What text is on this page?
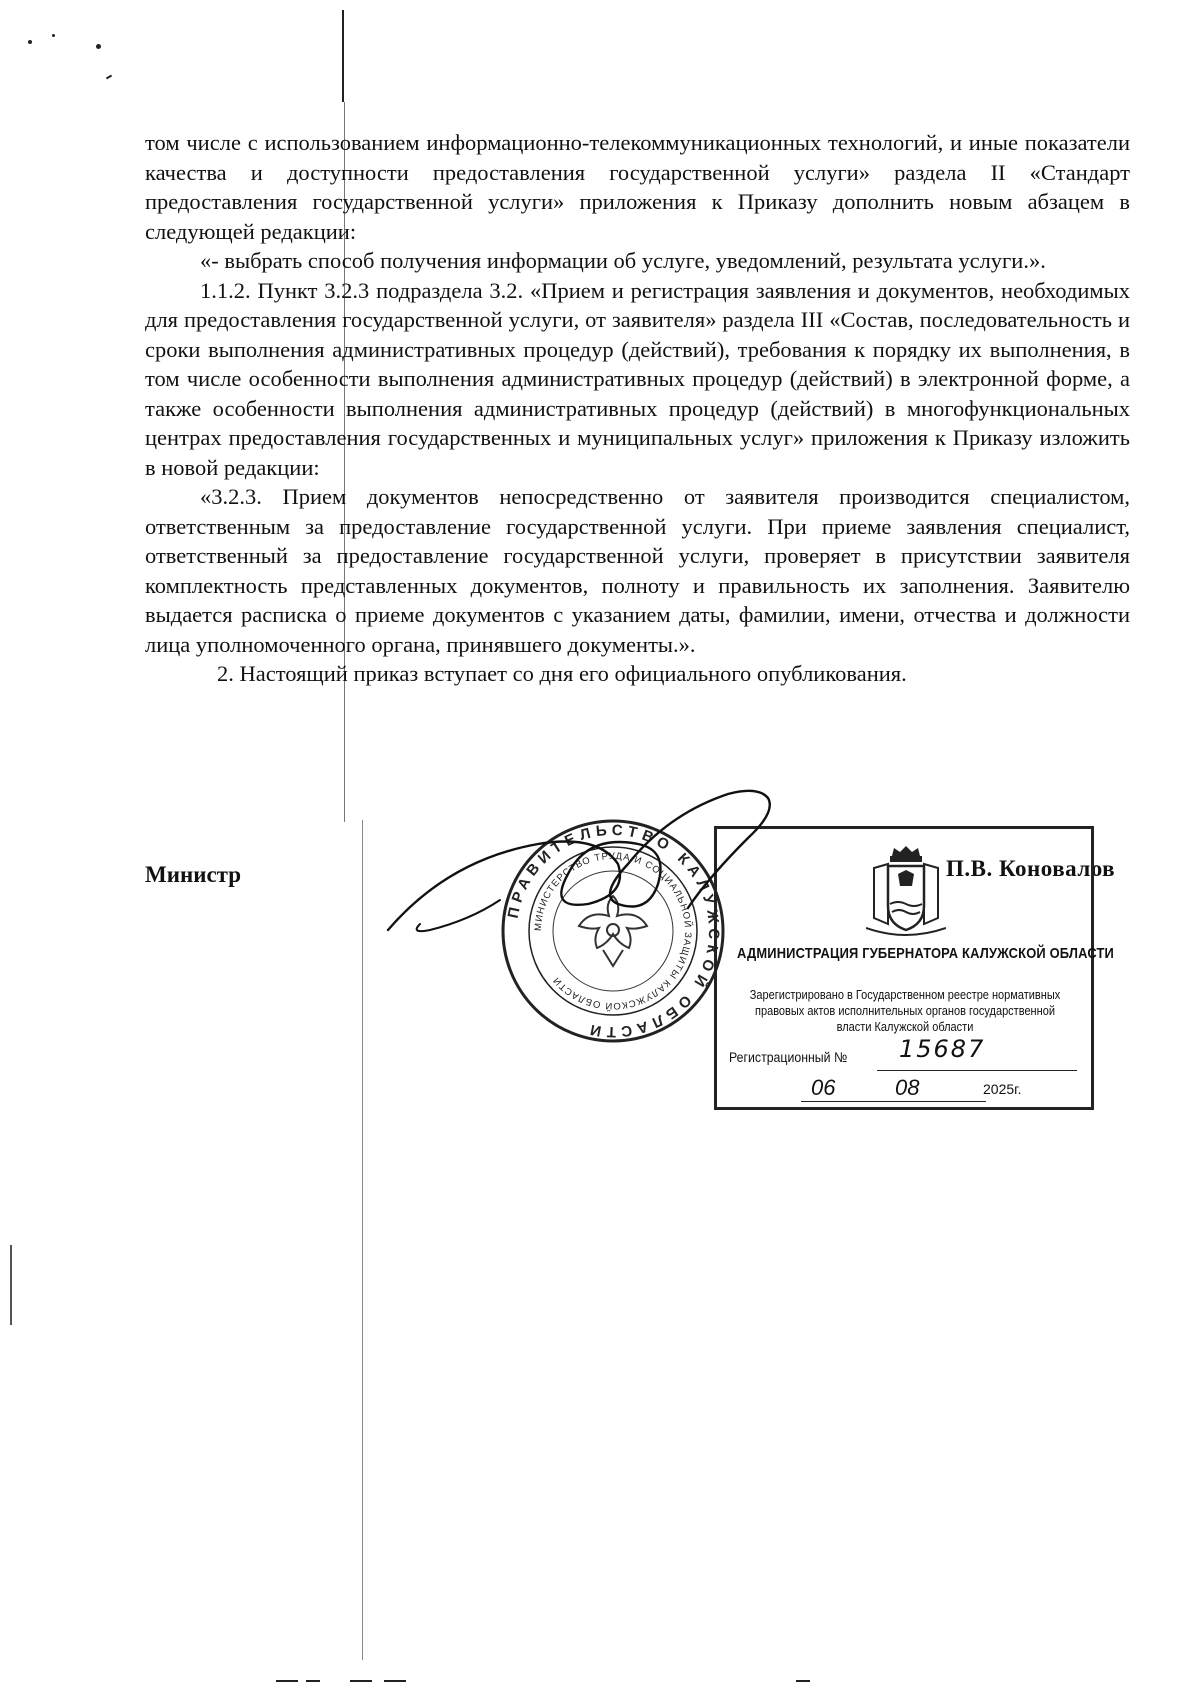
том числе с использованием информационно-телекоммуникационных технологий, и иные показатели качества и доступности предоставления государственной услуги» раздела II «Стандарт предоставления государственной услуги» приложения к Приказу дополнить новым абзацем в следующей редакции:

«- выбрать способ получения информации об услуге, уведомлений, результата услуги.».

1.1.2. Пункт 3.2.3 подраздела 3.2. «Прием и регистрация заявления и документов, необходимых для предоставления государственной услуги, от заявителя» раздела III «Состав, последовательность и сроки выполнения административных процедур (действий), требования к порядку их выполнения, в том числе особенности выполнения административных процедур (действий) в электронной форме, а также особенности выполнения административных процедур (действий) в многофункциональных центрах предоставления государственных и муниципальных услуг» приложения к Приказу изложить в новой редакции:

«3.2.3. Прием документов непосредственно от заявителя производится специалистом, ответственным за предоставление государственной услуги. При приеме заявления специалист, ответственный за предоставление государственной услуги, проверяет в присутствии заявителя комплектность представленных документов, полноту и правильность их заполнения. Заявителю выдается расписка о приеме документов с указанием даты, фамилии, имени, отчества и должности лица уполномоченного органа, принявшего документы.».

2. Настоящий приказ вступает со дня его официального опубликования.

Министр
ПРАВИТЕЛЬСТВО КАЛУЖСКОЙ ОБЛАСТИ
МИНИСТЕРСТВО ТРУДА И СОЦИАЛЬНОЙ ЗАЩИТЫ КАЛУЖСКОЙ ОБЛАСТИ
П.В. Коновалов
АДМИНИСТРАЦИЯ ГУБЕРНАТОРА КАЛУЖСКОЙ ОБЛАСТИ
Зарегистрировано в Государственном реестре нормативных правовых актов исполнительных органов государственной власти Калужской области
Регистрационный №	15687
06	08	2025г.
